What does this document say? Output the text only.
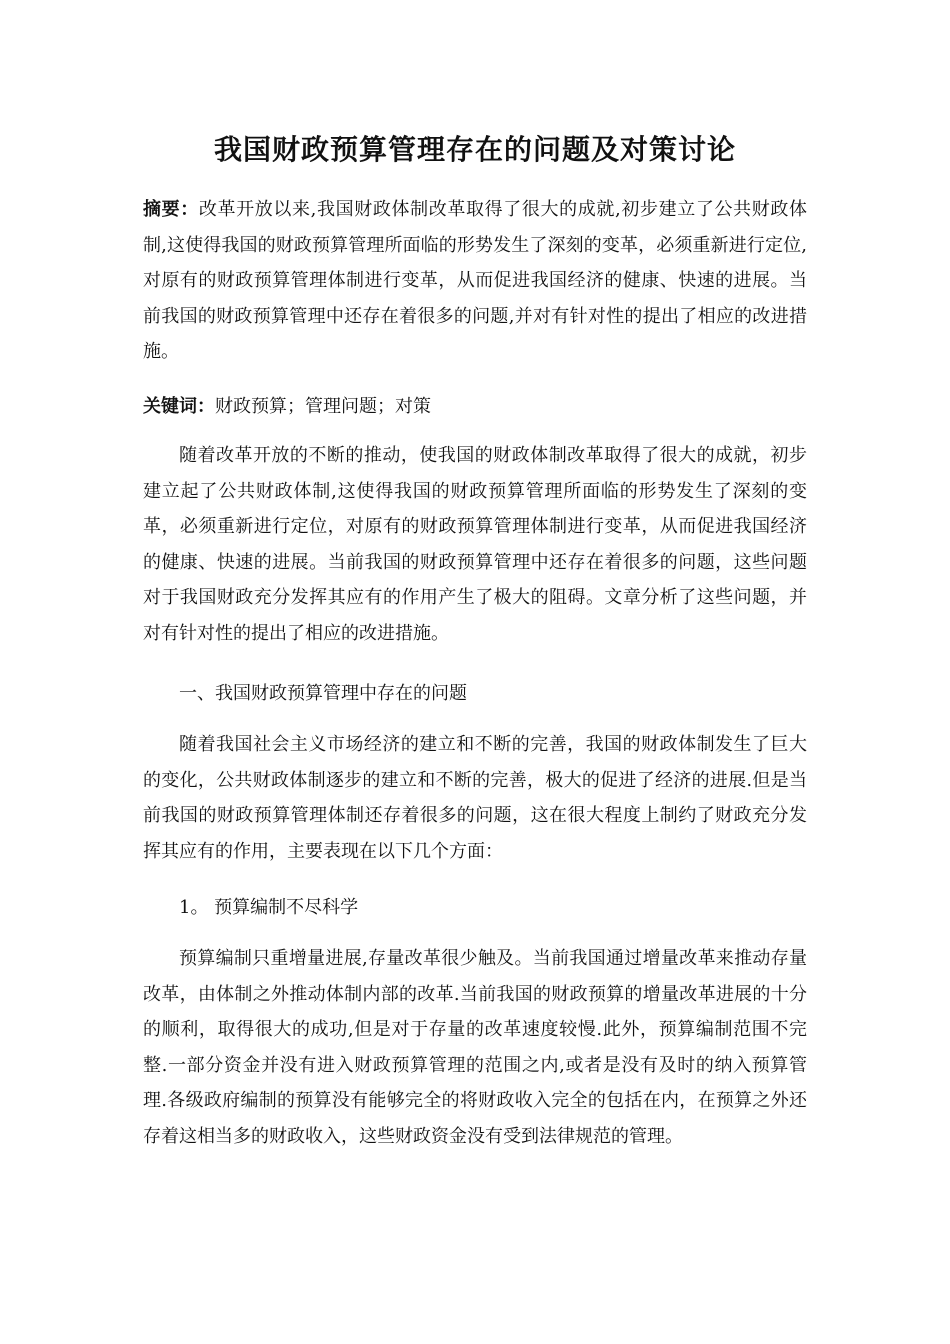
我国财政预算管理存在的问题及对策讨论
摘要：改革开放以来,我国财政体制改革取得了很大的成就,初步建立了公共财政体制,这使得我国的财政预算管理所面临的形势发生了深刻的变革，必须重新进行定位,对原有的财政预算管理体制进行变革，从而促进我国经济的健康、快速的进展。当前我国的财政预算管理中还存在着很多的问题,并对有针对性的提出了相应的改进措施。
关键词：财政预算；管理问题；对策
随着改革开放的不断的推动，使我国的财政体制改革取得了很大的成就，初步建立起了公共财政体制,这使得我国的财政预算管理所面临的形势发生了深刻的变革，必须重新进行定位，对原有的财政预算管理体制进行变革，从而促进我国经济的健康、快速的进展。当前我国的财政预算管理中还存在着很多的问题，这些问题对于我国财政充分发挥其应有的作用产生了极大的阻碍。文章分析了这些问题，并对有针对性的提出了相应的改进措施。
一、我国财政预算管理中存在的问题
随着我国社会主义市场经济的建立和不断的完善，我国的财政体制发生了巨大的变化，公共财政体制逐步的建立和不断的完善，极大的促进了经济的进展.但是当前我国的财政预算管理体制还存着很多的问题，这在很大程度上制约了财政充分发挥其应有的作用，主要表现在以下几个方面：
1。 预算编制不尽科学
预算编制只重增量进展,存量改革很少触及。当前我国通过增量改革来推动存量改革，由体制之外推动体制内部的改革.当前我国的财政预算的增量改革进展的十分的顺利，取得很大的成功,但是对于存量的改革速度较慢.此外，预算编制范围不完整.一部分资金并没有进入财政预算管理的范围之内,或者是没有及时的纳入预算管理.各级政府编制的预算没有能够完全的将财政收入完全的包括在内，在预算之外还存着这相当多的财政收入，这些财政资金没有受到法律规范的管理。
